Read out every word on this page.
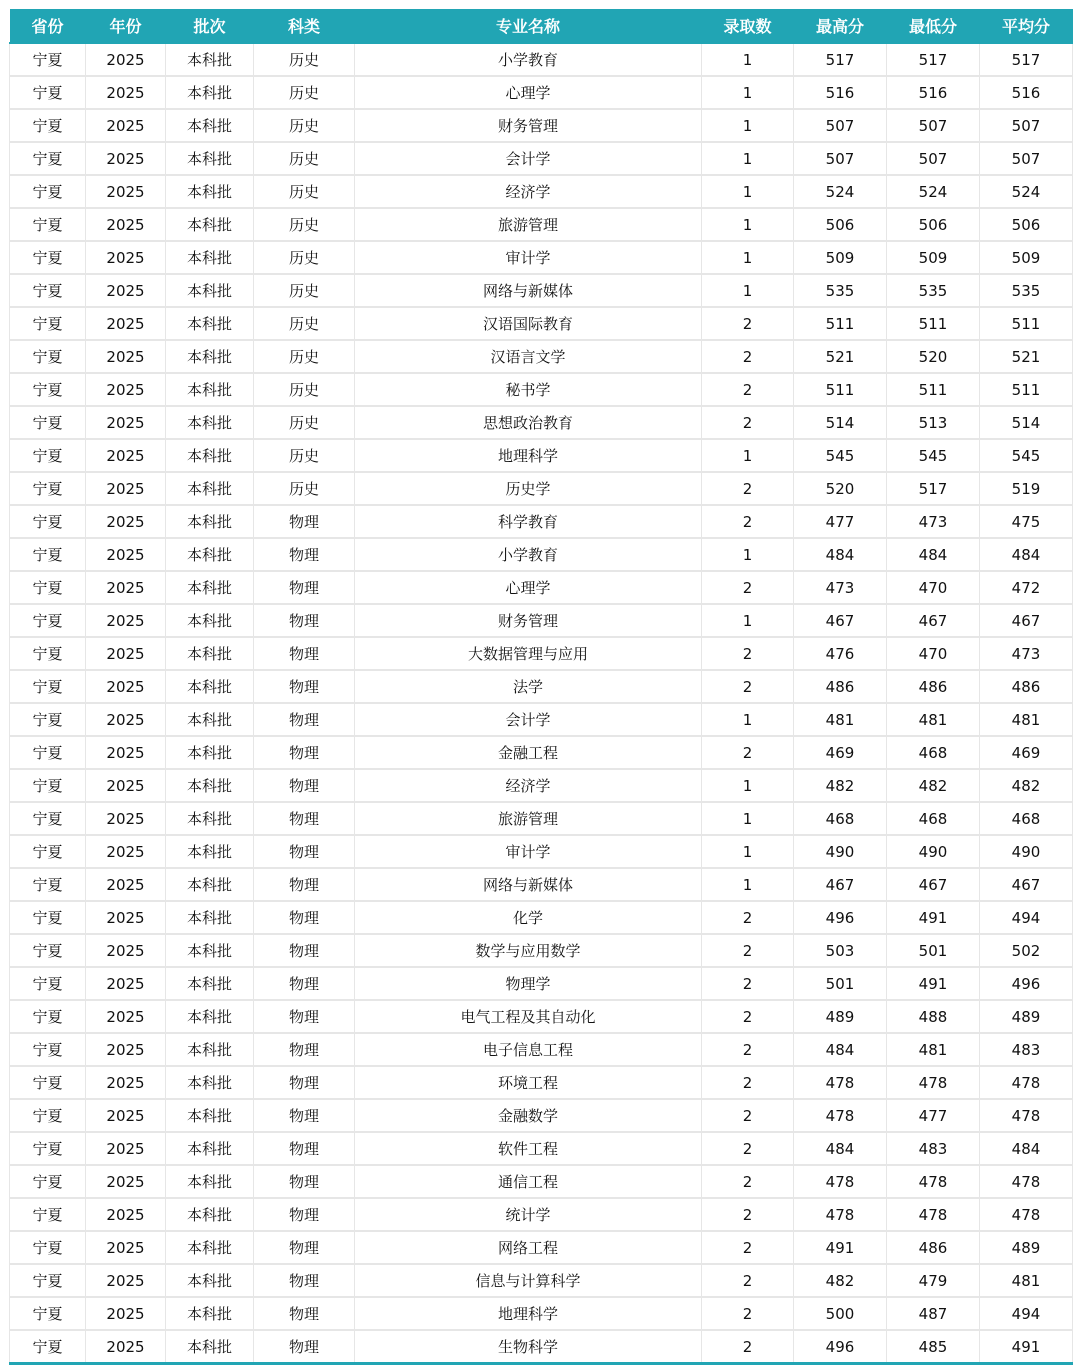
省份	年份	批次	科类	专业名称	录取数	最高分	最低分	平均分
宁夏	2025	本科批	历史	小学教育	1	517	517	517
宁夏	2025	本科批	历史	心理学	1	516	516	516
宁夏	2025	本科批	历史	财务管理	1	507	507	507
宁夏	2025	本科批	历史	会计学	1	507	507	507
宁夏	2025	本科批	历史	经济学	1	524	524	524
宁夏	2025	本科批	历史	旅游管理	1	506	506	506
宁夏	2025	本科批	历史	审计学	1	509	509	509
宁夏	2025	本科批	历史	网络与新媒体	1	535	535	535
宁夏	2025	本科批	历史	汉语国际教育	2	511	511	511
宁夏	2025	本科批	历史	汉语言文学	2	521	520	521
宁夏	2025	本科批	历史	秘书学	2	511	511	511
宁夏	2025	本科批	历史	思想政治教育	2	514	513	514
宁夏	2025	本科批	历史	地理科学	1	545	545	545
宁夏	2025	本科批	历史	历史学	2	520	517	519
宁夏	2025	本科批	物理	科学教育	2	477	473	475
宁夏	2025	本科批	物理	小学教育	1	484	484	484
宁夏	2025	本科批	物理	心理学	2	473	470	472
宁夏	2025	本科批	物理	财务管理	1	467	467	467
宁夏	2025	本科批	物理	大数据管理与应用	2	476	470	473
宁夏	2025	本科批	物理	法学	2	486	486	486
宁夏	2025	本科批	物理	会计学	1	481	481	481
宁夏	2025	本科批	物理	金融工程	2	469	468	469
宁夏	2025	本科批	物理	经济学	1	482	482	482
宁夏	2025	本科批	物理	旅游管理	1	468	468	468
宁夏	2025	本科批	物理	审计学	1	490	490	490
宁夏	2025	本科批	物理	网络与新媒体	1	467	467	467
宁夏	2025	本科批	物理	化学	2	496	491	494
宁夏	2025	本科批	物理	数学与应用数学	2	503	501	502
宁夏	2025	本科批	物理	物理学	2	501	491	496
宁夏	2025	本科批	物理	电气工程及其自动化	2	489	488	489
宁夏	2025	本科批	物理	电子信息工程	2	484	481	483
宁夏	2025	本科批	物理	环境工程	2	478	478	478
宁夏	2025	本科批	物理	金融数学	2	478	477	478
宁夏	2025	本科批	物理	软件工程	2	484	483	484
宁夏	2025	本科批	物理	通信工程	2	478	478	478
宁夏	2025	本科批	物理	统计学	2	478	478	478
宁夏	2025	本科批	物理	网络工程	2	491	486	489
宁夏	2025	本科批	物理	信息与计算科学	2	482	479	481
宁夏	2025	本科批	物理	地理科学	2	500	487	494
宁夏	2025	本科批	物理	生物科学	2	496	485	491
